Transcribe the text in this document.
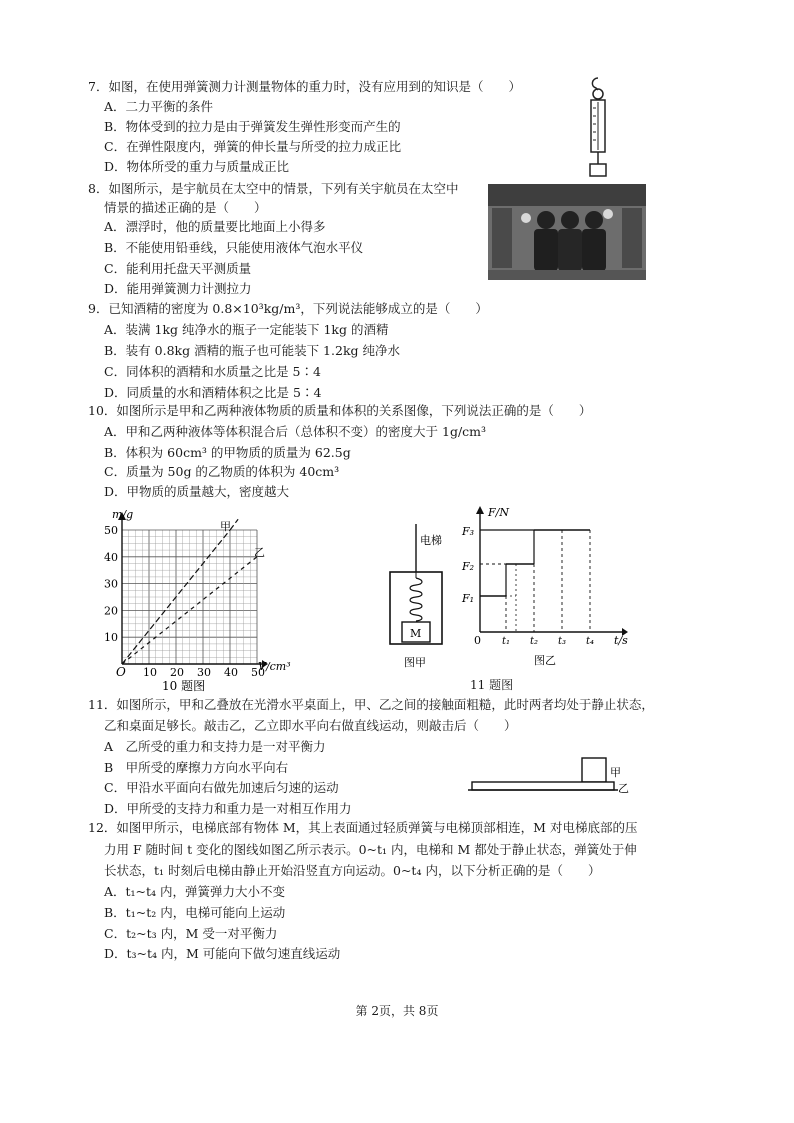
7．如图，在使用弹簧测力计测量物体的重力时，没有应用到的知识是（　　）
A．二力平衡的条件
B．物体受到的拉力是由于弹簧发生弹性形变而产生的
C．在弹性限度内，弹簧的伸长量与所受的拉力成正比
D．物体所受的重力与质量成正比
8．如图所示，是宇航员在太空中的情景，下列有关宇航员在太空中
情景的描述正确的是（　　）
A．漂浮时，他的质量要比地面上小得多
B．不能使用铅垂线，只能使用液体气泡水平仪
C．能利用托盘天平测质量
D．能用弹簧测力计测拉力
9．已知酒精的密度为 0.8×10³kg/m³，下列说法能够成立的是（　　）
A．装满 1kg 纯净水的瓶子一定能装下 1kg 的酒精
B．装有 0.8kg 酒精的瓶子也可能装下 1.2kg 纯净水
C．同体积的酒精和水质量之比是 5∶4
D．同质量的水和酒精体积之比是 5∶4
10．如图所示是甲和乙两种液体物质的质量和体积的关系图像，下列说法正确的是（　　）
A．甲和乙两种液体等体积混合后（总体积不变）的密度大于 1g/cm³
B．体积为 60cm³ 的甲物质的质量为 62.5g
C．质量为 50g 的乙物质的体积为 40cm³
D．甲物质的质量越大，密度越大
m/g
V/cm³
O 10 20 30 40 50
10
20
30
40
50	甲
乙
10 题图
电梯
M
图甲
F/N
t/s
0
F₁
F₂
F₃
t₁ t₂ t₃ t₄
图乙
11 题图
11．如图所示，甲和乙叠放在光滑水平桌面上，甲、乙之间的接触面粗糙，此时两者均处于静止状态，
乙和桌面足够长。敲击乙，乙立即水平向右做直线运动，则敲击后（　　）
A　乙所受的重力和支持力是一对平衡力
B　甲所受的摩擦力方向水平向右
C．甲沿水平面向右做先加速后匀速的运动
D．甲所受的支持力和重力是一对相互作用力
甲
乙
12．如图甲所示，电梯底部有物体 M，其上表面通过轻质弹簧与电梯顶部相连，M 对电梯底部的压
力用 F 随时间 t 变化的图线如图乙所示表示。0~t₁ 内，电梯和 M 都处于静止状态，弹簧处于伸
长状态，t₁ 时刻后电梯由静止开始沿竖直方向运动。0~t₄ 内，以下分析正确的是（　　）
A．t₁~t₄ 内，弹簧弹力大小不变
B．t₁~t₂ 内，电梯可能向上运动
C．t₂~t₃ 内，M 受一对平衡力
D．t₃~t₄ 内，M 可能向下做匀速直线运动
第 2页，共 8页
